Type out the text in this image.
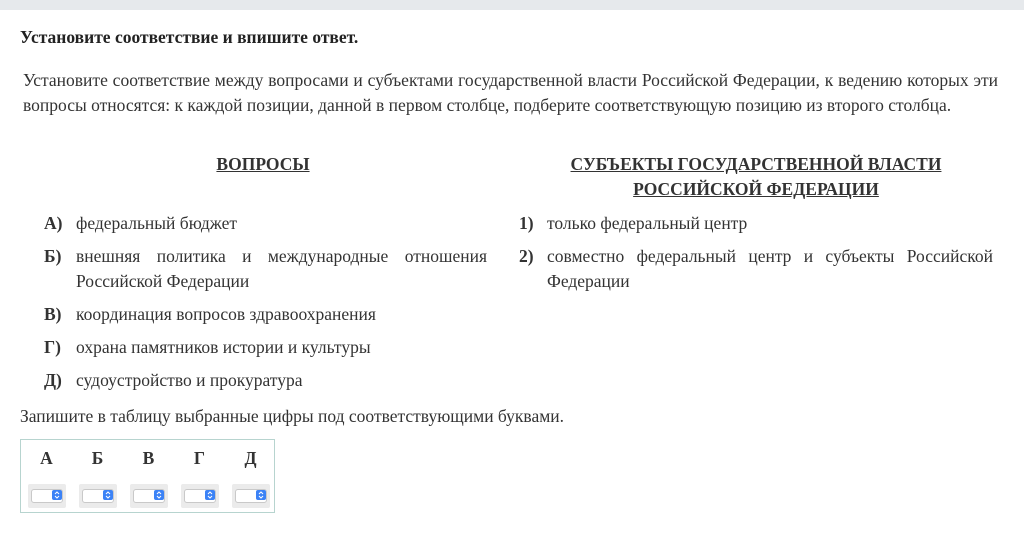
Установите соответствие и впишите ответ.
Установите соответствие между вопросами и субъектами государственной власти Российской Федерации, к ведению которых эти вопросы относятся: к каждой позиции, данной в первом столбце, подберите соответствующую позицию из второго столбца.
ВОПРОСЫ	СУБЪЕКТЫ ГОСУДАРСТВЕННОЙ ВЛАСТИ РОССИЙСКОЙ ФЕДЕРАЦИИ
А) федеральный бюджет
Б) внешняя политика и международные отношения Российской Федерации
В) координация вопросов здравоохранения
Г) охрана памятников истории и культуры
Д) судоустройство и прокуратура
1) только федеральный центр
2) совместно федеральный центр и субъекты Российской Федерации
Запишите в таблицу выбранные цифры под соответствующими буквами.
А	Б	В	Г	Д
